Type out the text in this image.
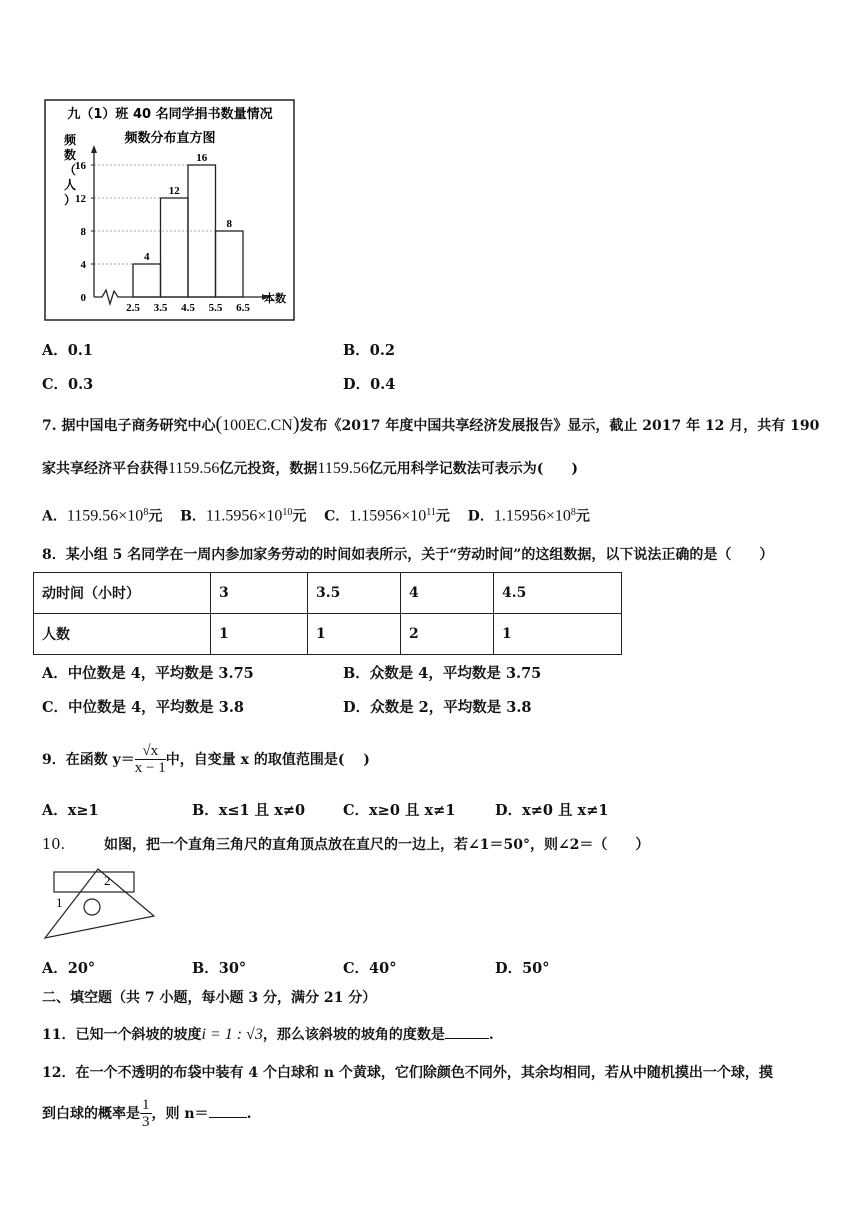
九（1）班 40 名同学捐书数量情况
频数分布直方图
频数（人）
0
4
8
12
16
2.5 3.5 4.5 5.5 6.5
4
12
16
8
本数
A．0.1	B．0.2
C．0.3	D．0.4
7. 据中国电子商务研究中心(100EC.CN)发布《2017 年度中国共享经济发展报告》显示，截止 2017 年 12 月，共有 190
家共享经济平台获得1159.56亿元投资，数据1159.56亿元用科学记数法可表示为(　　)
A．$1159.56\times 10^8$元 B．$11.5956\times 10^{10}$元 C．$1.15956\times 10^{11}$元 D．$1.15956\times 10^8$元
8．某小组 5 名同学在一周内参加家务劳动的时间如表所示，关于“劳动时间”的这组数据，以下说法正确的是（　　）
动时间（小时）	3	3.5	4	4.5
人数	1	1	2	1
A．中位数是 4，平均数是 3.75	B．众数是 4，平均数是 3.75
C．中位数是 4，平均数是 3.8	D．众数是 2，平均数是 3.8
9．在函数 $y= \frac{√x}{x - 1}$ 中，自变量 x 的取值范围是(　 )
A．x≥1	B．x≤1 且 x≠0	C．x≥0 且 x≠1	D．x≠0 且 x≠1
10.	如图，把一个直角三角尺的直角顶点放在直尺的一边上，若∠1＝50°，则∠2＝（　　）
1
2
A．20°	B．30°	C．40°	D．50°
二、填空题（共 7 小题，每小题 3 分，满分 21 分）
11．已知一个斜坡的坡度i = 1 : √3，那么该斜坡的坡角的度数是	.
12．在一个不透明的布袋中装有 4 个白球和 n 个黄球，它们除颜色不同外，其余均相同，若从中随机摸出一个球，摸
到白球的概率是 $\frac{1}{3}$ ，则 n＝	.
